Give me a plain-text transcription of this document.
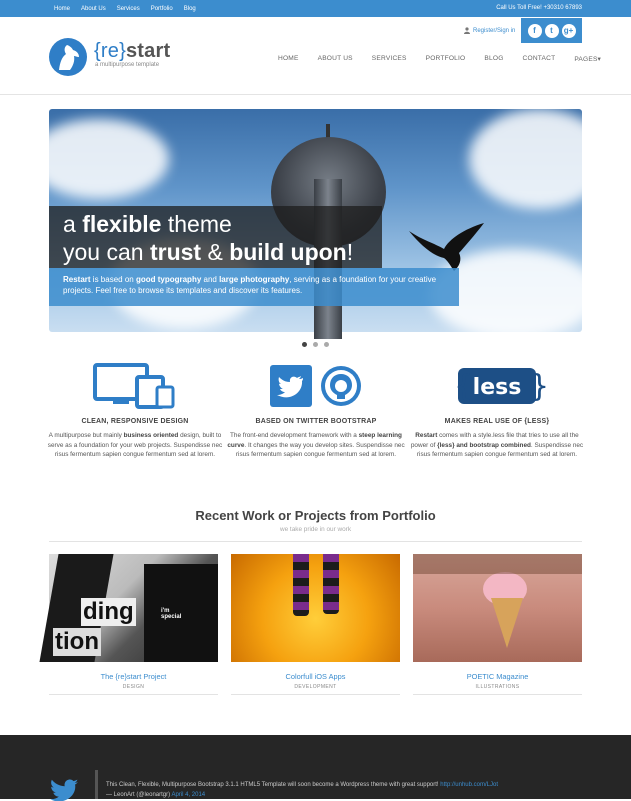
Home About Us Services Portfolio Blog	Call Us Toll Free! +30310 67893
{re}start
a multipurpose template
Register/Sign in	f	t	g+
HOME	ABOUT US	SERVICES	PORTFOLIO	BLOG	CONTACT	PAGES▾
a flexible theme
you can trust & build upon!
Restart is based on good typography and large photography, serving as a foundation for your creative projects. Feel free to browse its templates and discover its features.
CLEAN, RESPONSIVE DESIGN
A multipurpose but mainly business oriented design, built to serve as a foundation for your web projects. Suspendisse nec risus fermentum sapien congue fermentum sed at lorem.
BASED ON TWITTER BOOTSTRAP
The front-end development framework with a steep learning curve. It changes the way you develop sites. Suspendisse nec risus fermentum sapien congue fermentum sed at lorem.
less
{ }
MAKES REAL USE OF {LESS}
Restart comes with a style.less file that tries to use all the power of {less} and bootstrap combined. Suspendisse nec risus fermentum sapien congue fermentum sed at lorem.
Recent Work or Projects from Portfolio
we take pride in our work
ding
tion
i'm special
The {re}start Project
DESIGN
Colorfull iOS Apps
DEVELOPMENT
POETIC Magazine
ILLUSTRATIONS
This Clean, Flexible, Multipurpose Bootstrap 3.1.1 HTML5 Template will soon become a Wordpress theme with great support! http://unhub.com/LJot
— LeonArt (@leonartgr) April 4, 2014
